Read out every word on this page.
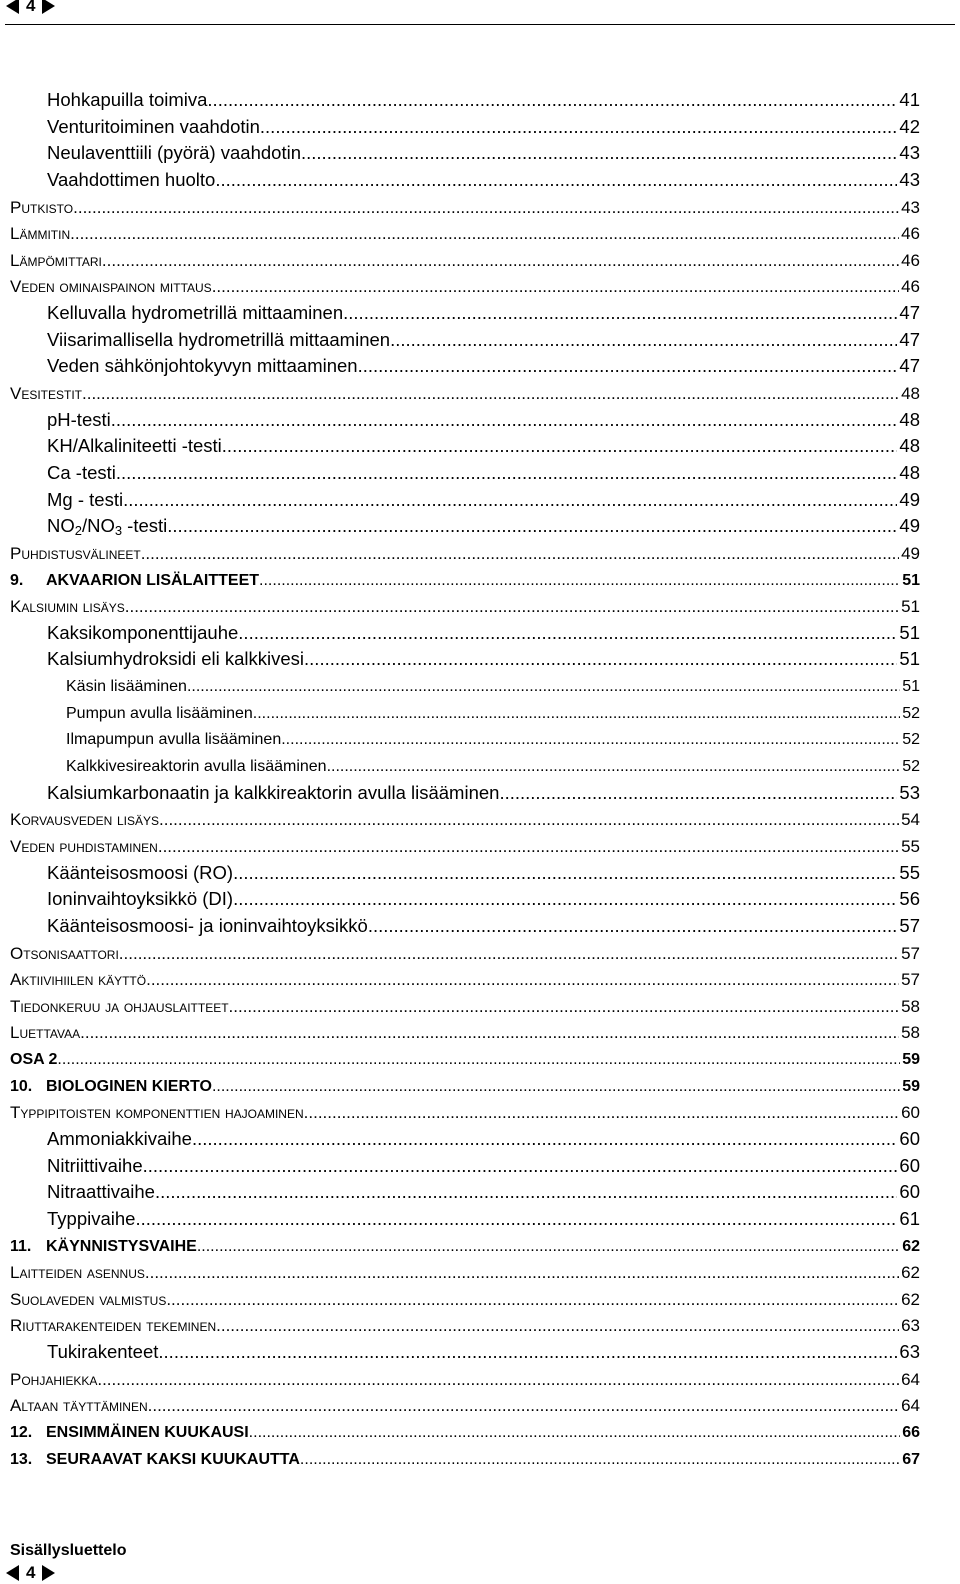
4
Hohkapuilla toimiva .....	41
Venturitoiminen vaahdotin .....	42
Neulaventtiili (pyörä) vaahdotin .....	43
Vaahdottimen huolto .....	43
Putkisto .....	43
Lämmitin .....	46
Lämpömittari .....	46
Veden ominaispainon mittaus .....	46
Kelluvalla hydrometrillä mittaaminen .....	47
Viisarimallisella hydrometrillä mittaaminen .....	47
Veden sähkönjohtokyvyn mittaaminen .....	47
Vesitestit .....	48
pH-testi .....	48
KH/Alkaliniteetti -testi .....	48
Ca -testi .....	48
Mg - testi .....	49
$NO_2/NO_3$ -testi .....	49
Puhdistusvälineet .....	49
9. AKVAARION LISÄLAITTEET .....	51
Kalsiumin lisäys .....	51
Kaksikomponenttijauhe .....	51
Kalsiumhydroksidi eli kalkkivesi .....	51
Käsin lisääminen .....	51
Pumpun avulla lisääminen .....	52
Ilmapumpun avulla lisääminen .....	52
Kalkkivesireaktorin avulla lisääminen .....	52
Kalsiumkarbonaatin ja kalkkireaktorin avulla lisääminen .....	53
Korvausveden lisäys .....	54
Veden puhdistaminen .....	55
Käänteisosmoosi (RO) .....	55
Ioninvaihtoyksikkö (DI) .....	56
Käänteisosmoosi- ja ioninvaihtoyksikkö .....	57
Otsonisaattori .....	57
Aktiivihiilen käyttö .....	57
Tiedonkeruu ja ohjauslaitteet .....	58
Luettavaa .....	58
OSA 2 .....	59
10. BIOLOGINEN KIERTO .....	59
Typpipitoisten komponenttien hajoaminen .....	60
Ammoniakkivaihe .....	60
Nitriittivaihe .....	60
Nitraattivaihe .....	60
Typpivaihe .....	61
11. KÄYNNISTYSVAIHE .....	62
Laitteiden asennus .....	62
Suolaveden valmistus .....	62
Riuttarakenteiden tekeminen .....	63
Tukirakenteet .....	63
Pohjahiekka .....	64
Altaan täyttäminen .....	64
12. ENSIMMÄINEN KUUKAUSI .....	66
13. SEURAAVAT KAKSI KUUKAUTTA .....	67
Sisällysluettelo
4
